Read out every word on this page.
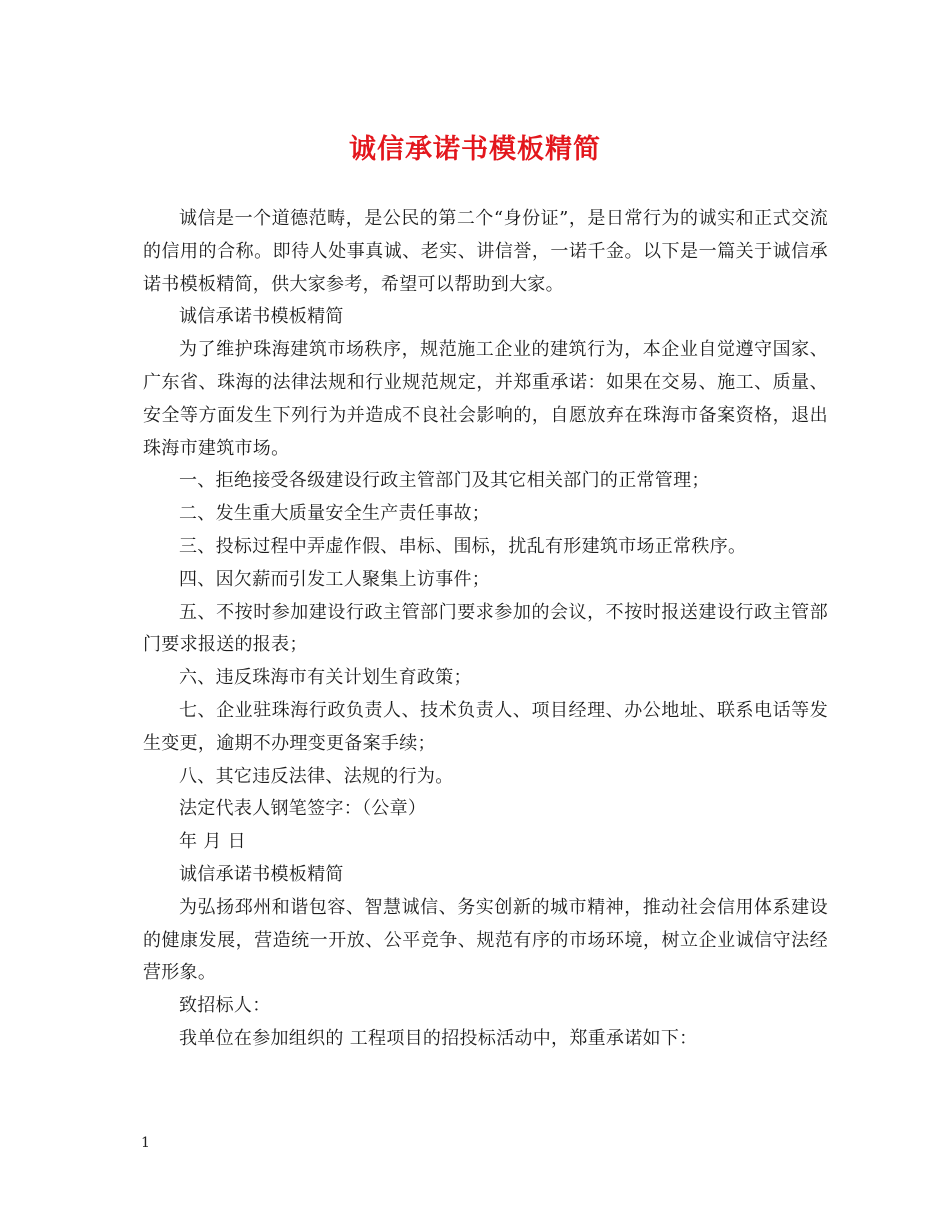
诚信承诺书模板精简

诚信是一个道德范畴，是公民的第二个“身份证”，是日常行为的诚实和正式交流的信用的合称。即待人处事真诚、老实、讲信誉，一诺千金。以下是一篇关于诚信承诺书模板精简，供大家参考，希望可以帮助到大家。

诚信承诺书模板精简

为了维护珠海建筑市场秩序，规范施工企业的建筑行为，本企业自觉遵守国家、广东省、珠海的法律法规和行业规范规定，并郑重承诺：如果在交易、施工、质量、安全等方面发生下列行为并造成不良社会影响的，自愿放弃在珠海市备案资格，退出珠海市建筑市场。

一、拒绝接受各级建设行政主管部门及其它相关部门的正常管理；

二、发生重大质量安全生产责任事故；

三、投标过程中弄虚作假、串标、围标，扰乱有形建筑市场正常秩序。

四、因欠薪而引发工人聚集上访事件；

五、不按时参加建设行政主管部门要求参加的会议，不按时报送建设行政主管部门要求报送的报表；

六、违反珠海市有关计划生育政策；

七、企业驻珠海行政负责人、技术负责人、项目经理、办公地址、联系电话等发生变更，逾期不办理变更备案手续；

八、其它违反法律、法规的行为。

法定代表人钢笔签字：（公章）

年 月 日

诚信承诺书模板精简

为弘扬邳州和谐包容、智慧诚信、务实创新的城市精神，推动社会信用体系建设的健康发展，营造统一开放、公平竞争、规范有序的市场环境，树立企业诚信守法经营形象。

致招标人：

我单位在参加组织的 工程项目的招投标活动中，郑重承诺如下：

1
